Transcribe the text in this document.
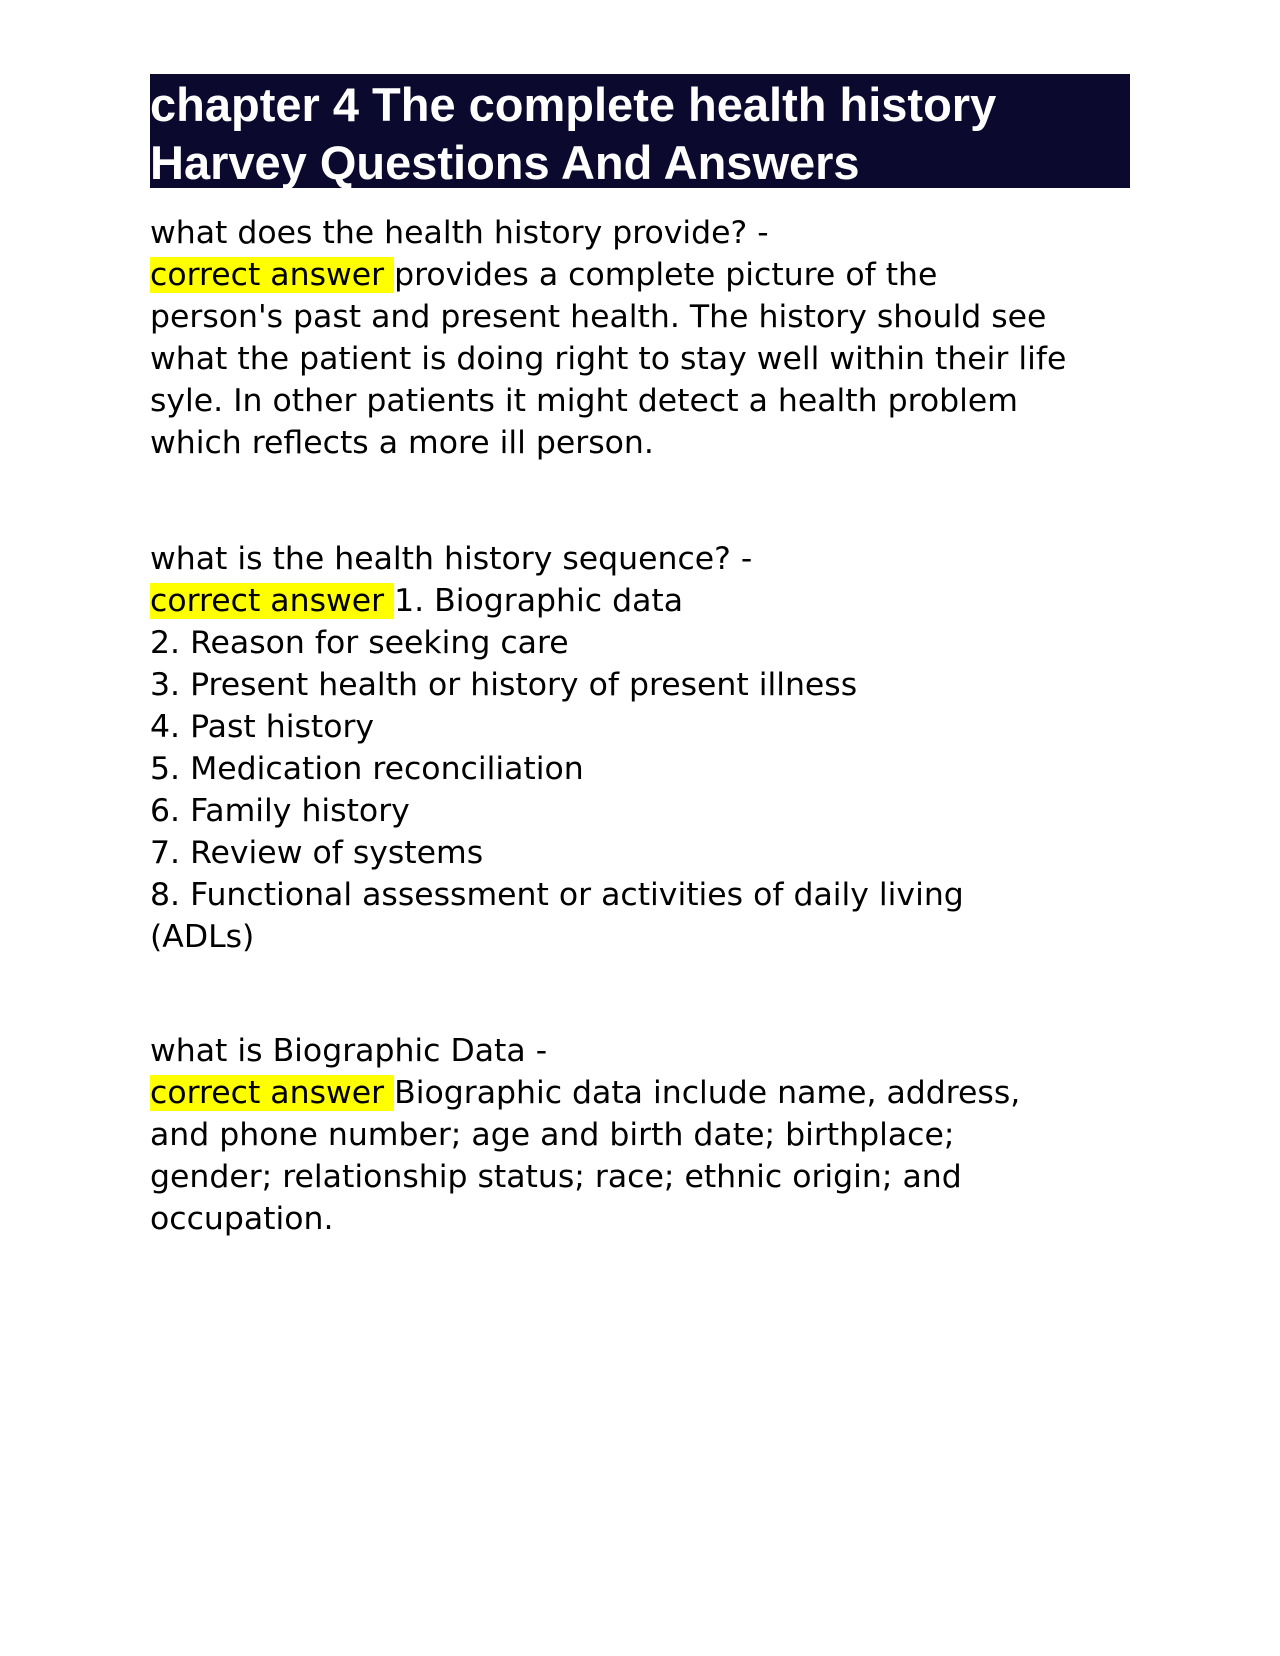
chapter 4 The complete health history
Harvey Questions And Answers

what does the health history provide? -

correct answer provides a complete picture of the

person's past and present health. The history should see

what the patient is doing right to stay well within their life

syle. In other patients it might detect a health problem

which reflects a more ill person.

what is the health history sequence? -

correct answer 1. Biographic data

2. Reason for seeking care

3. Present health or history of present illness

4. Past history

5. Medication reconciliation

6. Family history

7. Review of systems

8. Functional assessment or activities of daily living

(ADLs)

what is Biographic Data -

correct answer Biographic data include name, address,

and phone number; age and birth date; birthplace;

gender; relationship status; race; ethnic origin; and

occupation.
